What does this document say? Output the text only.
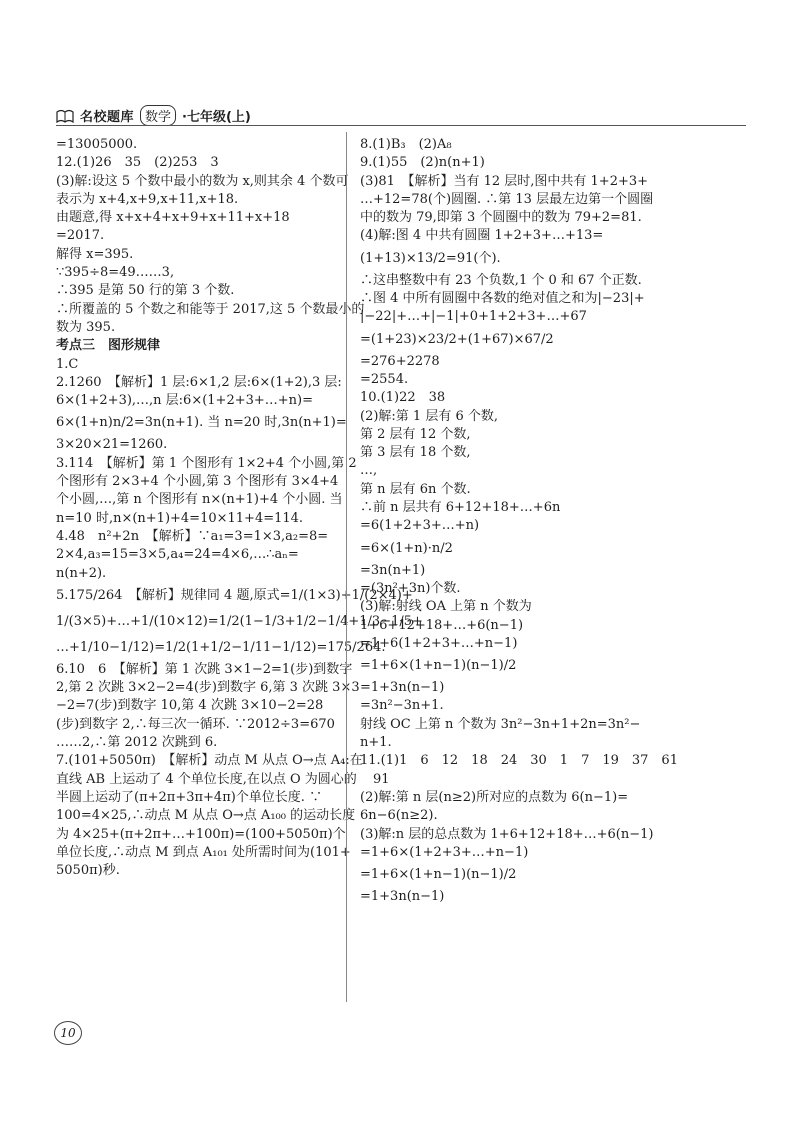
名校题库 数学 ·七年级(上)
=13005000.
12.(1)26　35　(2)253　3
(3)解:设这 5 个数中最小的数为 x,则其余 4 个数可
表示为 x+4,x+9,x+11,x+18.
由题意,得 x+x+4+x+9+x+11+x+18
=2017.
解得 x=395.
∵395÷8=49……3,
∴395 是第 50 行的第 3 个数.
∴所覆盖的 5 个数之和能等于 2017,这 5 个数最小的
数为 395.
考点三　图形规律
1.C
2.1260　【解析】1 层:6×1,2 层:6×(1+2),3 层:
6×(1+2+3),…,n 层:6×(1+2+3+…+n)=
6×(1+n)n/2=3n(n+1). 当 n=20 时,3n(n+1)=
3×20×21=1260.
3.114　【解析】第 1 个图形有 1×2+4 个小圆,第 2
个图形有 2×3+4 个小圆,第 3 个图形有 3×4+4
个小圆,…,第 n 个图形有 n×(n+1)+4 个小圆. 当
n=10 时,n×(n+1)+4=10×11+4=114.
4.48　n²+2n　【解析】∵a₁=3=1×3,a₂=8=
2×4,a₃=15=3×5,a₄=24=4×6,…∴aₙ=
n(n+2).
5.175/264　【解析】规律同 4 题,原式=1/(1×3)+1/(2×4)+
1/(3×5)+…+1/(10×12)=1/2(1−1/3+1/2−1/4+1/3−1/5+
…+1/10−1/12)=1/2(1+1/2−1/11−1/12)=175/264.
6.10　6　【解析】第 1 次跳 3×1−2=1(步)到数字
2,第 2 次跳 3×2−2=4(步)到数字 6,第 3 次跳 3×3
−2=7(步)到数字 10,第 4 次跳 3×10−2=28
(步)到数字 2,∴每三次一循环. ∵2012÷3=670
……2,∴第 2012 次跳到 6.
7.(101+5050π)　【解析】动点 M 从点 O→点 A₄:在
直线 AB 上运动了 4 个单位长度,在以点 O 为圆心的
半圆上运动了(π+2π+3π+4π)个单位长度. ∵
100=4×25,∴动点 M 从点 O→点 A₁₀₀ 的运动长度
为 4×25+(π+2π+…+100π)=(100+5050π)个
单位长度,∴动点 M 到点 A₁₀₁ 处所需时间为(101+
5050π)秒.
8.(1)B₃　(2)A₈
9.(1)55　(2)n(n+1)
(3)81　【解析】当有 12 层时,图中共有 1+2+3+
…+12=78(个)圆圈. ∴第 13 层最左边第一个圆圈
中的数为 79,即第 3 个圆圈中的数为 79+2=81.
(4)解:图 4 中共有圆圈 1+2+3+…+13=
(1+13)×13/2=91(个).
∴这串整数中有 23 个负数,1 个 0 和 67 个正数.
∴图 4 中所有圆圈中各数的绝对值之和为|−23|+
|−22|+…+|−1|+0+1+2+3+…+67
=(1+23)×23/2+(1+67)×67/2
=276+2278
=2554.
10.(1)22　38
(2)解:第 1 层有 6 个数,
第 2 层有 12 个数,
第 3 层有 18 个数,
…,
第 n 层有 6n 个数.
∴前 n 层共有 6+12+18+…+6n
=6(1+2+3+…+n)
=6×(1+n)·n/2
=3n(n+1)
=(3n²+3n)个数.
(3)解:射线 OA 上第 n 个数为
1+6+12+18+…+6(n−1)
=1+6(1+2+3+…+n−1)
=1+6×(1+n−1)(n−1)/2
=1+3n(n−1)
=3n²−3n+1.
射线 OC 上第 n 个数为 3n²−3n+1+2n=3n²−
n+1.
11.(1)1　6　12　18　24　30　1　7　19　37　61
　91
(2)解:第 n 层(n≥2)所对应的点数为 6(n−1)=
6n−6(n≥2).
(3)解:n 层的总点数为 1+6+12+18+…+6(n−1)
=1+6×(1+2+3+…+n−1)
=1+6×(1+n−1)(n−1)/2
=1+3n(n−1)
10
